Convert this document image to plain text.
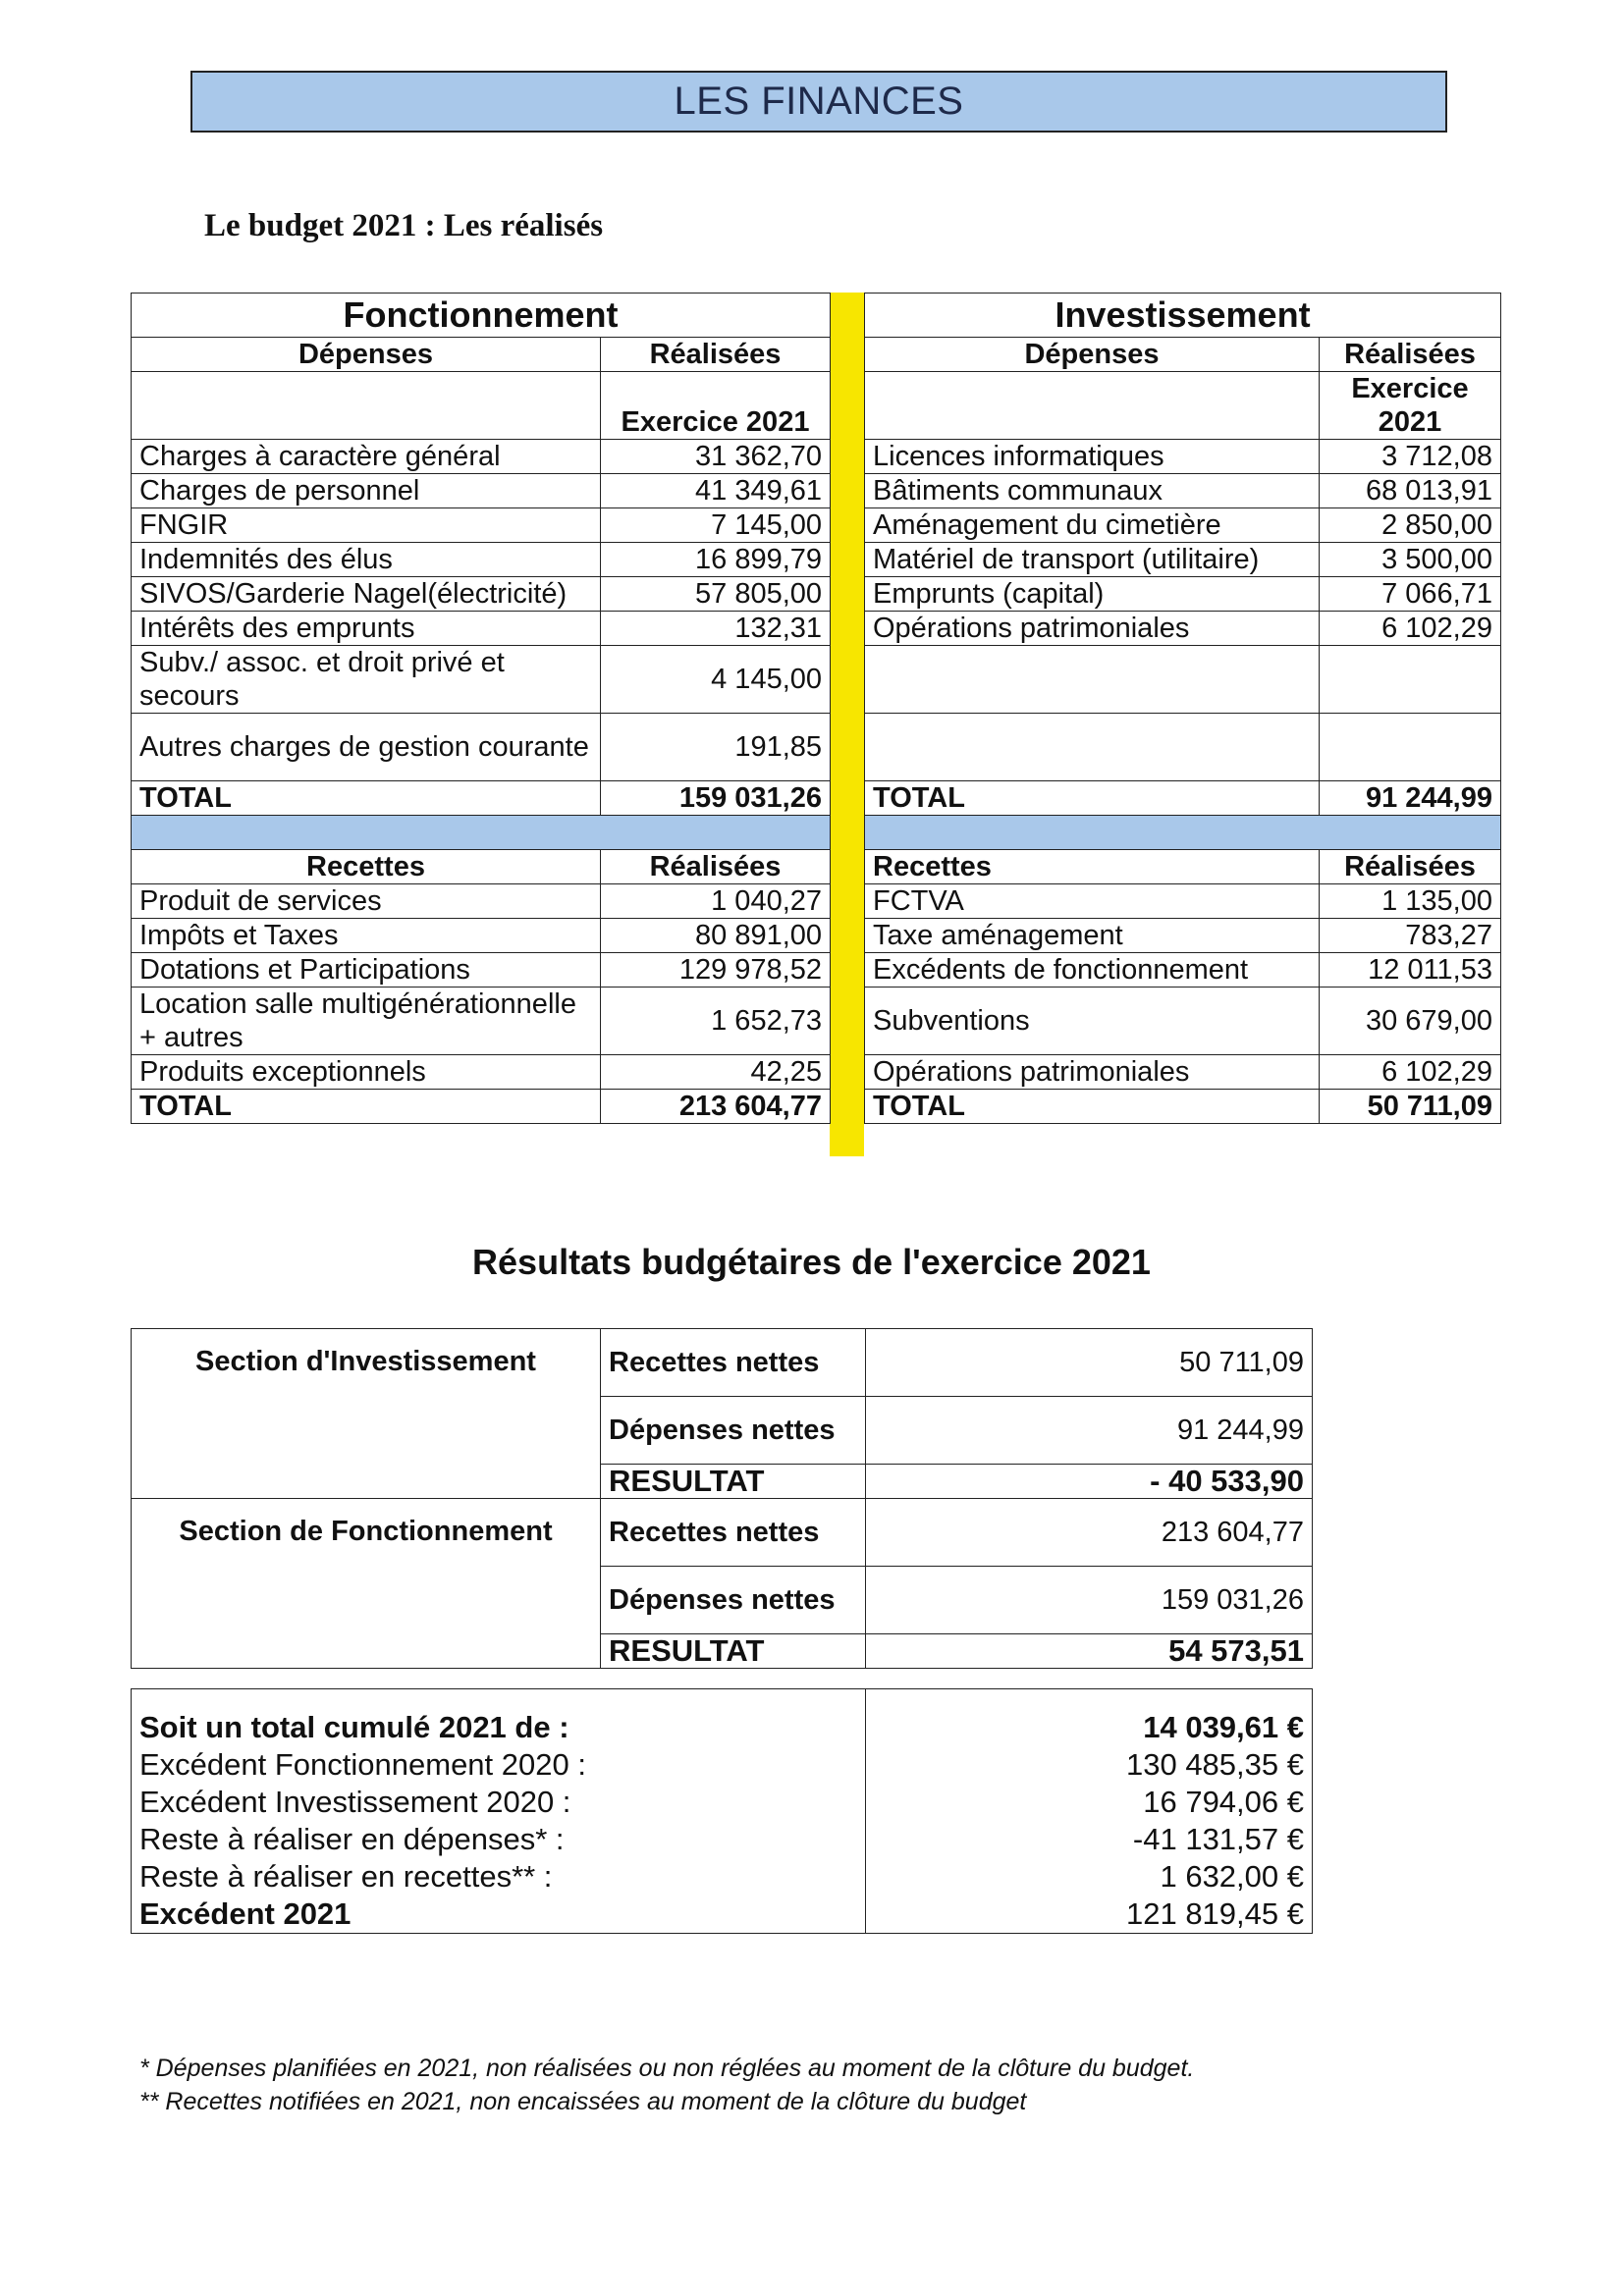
LES FINANCES
Le budget 2021 : Les réalisés
Fonctionnement	
Dépenses	Réalisées
	Exercice 2021
Charges à caractère général	31 362,70
Charges de personnel	41 349,61
FNGIR	7 145,00
Indemnités des élus	16 899,79
SIVOS/Garderie Nagel(électricité)	57 805,00
Intérêts des emprunts	132,31
Subv./ assoc. et droit privé et secours	4 145,00
Autres charges de gestion courante	191,85
TOTAL	159 031,26

Recettes	Réalisées
Produit de services	1 040,27
Impôts et Taxes	80 891,00
Dotations et Participations	129 978,52
Location salle multigénérationnelle + autres	1 652,73
Produits exceptionnels	42,25
TOTAL	213 604,77
Investissement	
Dépenses	Réalisées
	Exercice 2021
Licences informatiques	3 712,08
Bâtiments communaux	68 013,91
Aménagement du cimetière	2 850,00
Matériel de transport (utilitaire)	3 500,00
Emprunts (capital)	7 066,71
Opérations patrimoniales	6 102,29

TOTAL	91 244,99

Recettes	Réalisées
FCTVA	1 135,00
Taxe aménagement	783,27
Excédents de fonctionnement	12 011,53
Subventions	30 679,00
Opérations patrimoniales	6 102,29
TOTAL	50 711,09
Résultats budgétaires de l'exercice 2021
Section d'Investissement	Recettes nettes	50 711,09
	Dépenses nettes	91 244,99
	RESULTAT	- 40 533,90
Section de Fonctionnement	Recettes nettes	213 604,77
	Dépenses nettes	159 031,26
	RESULTAT	54 573,51
Soit un total cumulé 2021 de :	14 039,61 €
Excédent Fonctionnement 2020 :	130 485,35 €
Excédent Investissement 2020 :	16 794,06 €
Reste à réaliser en dépenses* :	-41 131,57 €
Reste à réaliser en recettes** :	1 632,00 €
Excédent 2021	121 819,45 €
* Dépenses planifiées en 2021, non réalisées ou non réglées au moment de la clôture du budget.
** Recettes notifiées en 2021, non encaissées au moment de la clôture du budget
